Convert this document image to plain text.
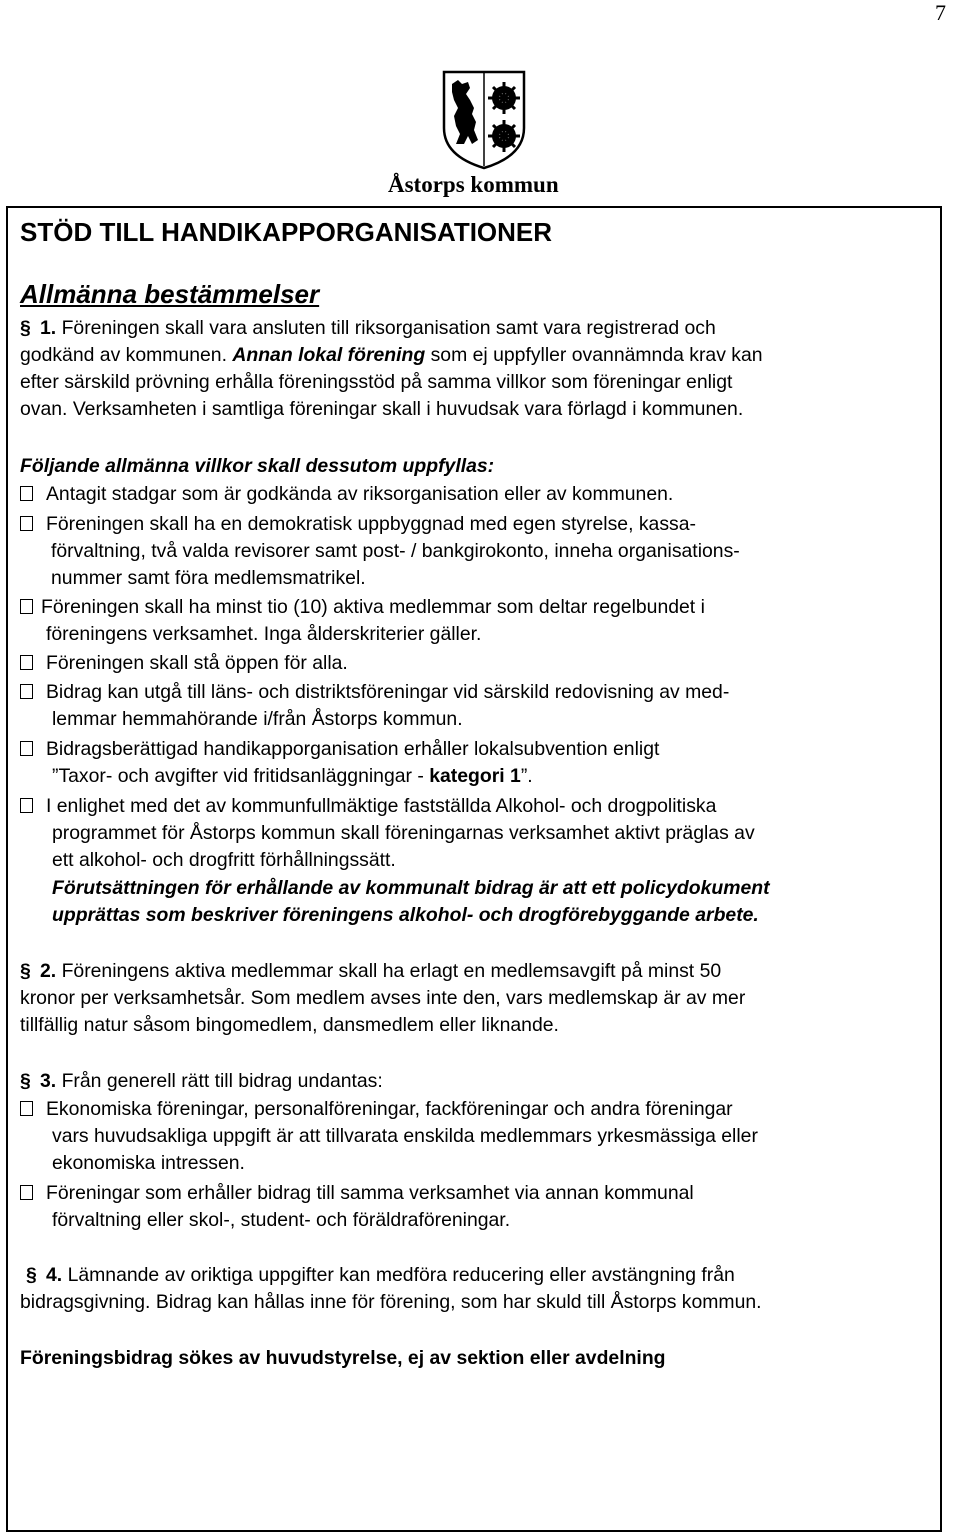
7
Åstorps kommun
STÖD TILL HANDIKAPPORGANISATIONER
Allmänna bestämmelser
§ 1. Föreningen skall vara ansluten till riksorganisation samt vara registrerad och
godkänd av kommunen. Annan lokal förening som ej uppfyller ovannämnda krav kan
efter särskild prövning erhålla föreningsstöd på samma villkor som föreningar enligt
ovan. Verksamheten i samtliga föreningar skall i huvudsak vara förlagd i kommunen.
Följande allmänna villkor skall dessutom uppfyllas:
Antagit stadgar som är godkända av riksorganisation eller av kommunen.
Föreningen skall ha en demokratisk uppbyggnad med egen styrelse, kassa-
förvaltning, två valda revisorer samt post- / bankgirokonto, inneha organisations-
nummer samt föra medlemsmatrikel.
Föreningen skall ha minst tio (10) aktiva medlemmar som deltar regelbundet i
föreningens verksamhet. Inga ålderskriterier gäller.
Föreningen skall stå öppen för alla.
Bidrag kan utgå till läns- och distriktsföreningar vid särskild redovisning av med-
lemmar hemmahörande i/från Åstorps kommun.
Bidragsberättigad handikapporganisation erhåller lokalsubvention enligt
”Taxor- och avgifter vid fritidsanläggningar - kategori 1”.
I enlighet med det av kommunfullmäktige fastställda Alkohol- och drogpolitiska
programmet för Åstorps kommun skall föreningarnas verksamhet aktivt präglas av
ett alkohol- och drogfritt förhållningssätt.
Förutsättningen för erhållande av kommunalt bidrag är att ett policydokument
upprättas som beskriver föreningens alkohol- och drogförebyggande arbete.
§ 2. Föreningens aktiva medlemmar skall ha erlagt en medlemsavgift på minst 50
kronor per verksamhetsår. Som medlem avses inte den, vars medlemskap är av mer
tillfällig natur såsom bingomedlem, dansmedlem eller liknande.
§ 3. Från generell rätt till bidrag undantas:
Ekonomiska föreningar, personalföreningar, fackföreningar och andra föreningar
vars huvudsakliga uppgift är att tillvarata enskilda medlemmars yrkesmässiga eller
ekonomiska intressen.
Föreningar som erhåller bidrag till samma verksamhet via annan kommunal
förvaltning eller skol-, student- och föräldraföreningar.
§ 4. Lämnande av oriktiga uppgifter kan medföra reducering eller avstängning från
bidragsgivning. Bidrag kan hållas inne för förening, som har skuld till Åstorps kommun.
Föreningsbidrag sökes av huvudstyrelse, ej av sektion eller avdelning
